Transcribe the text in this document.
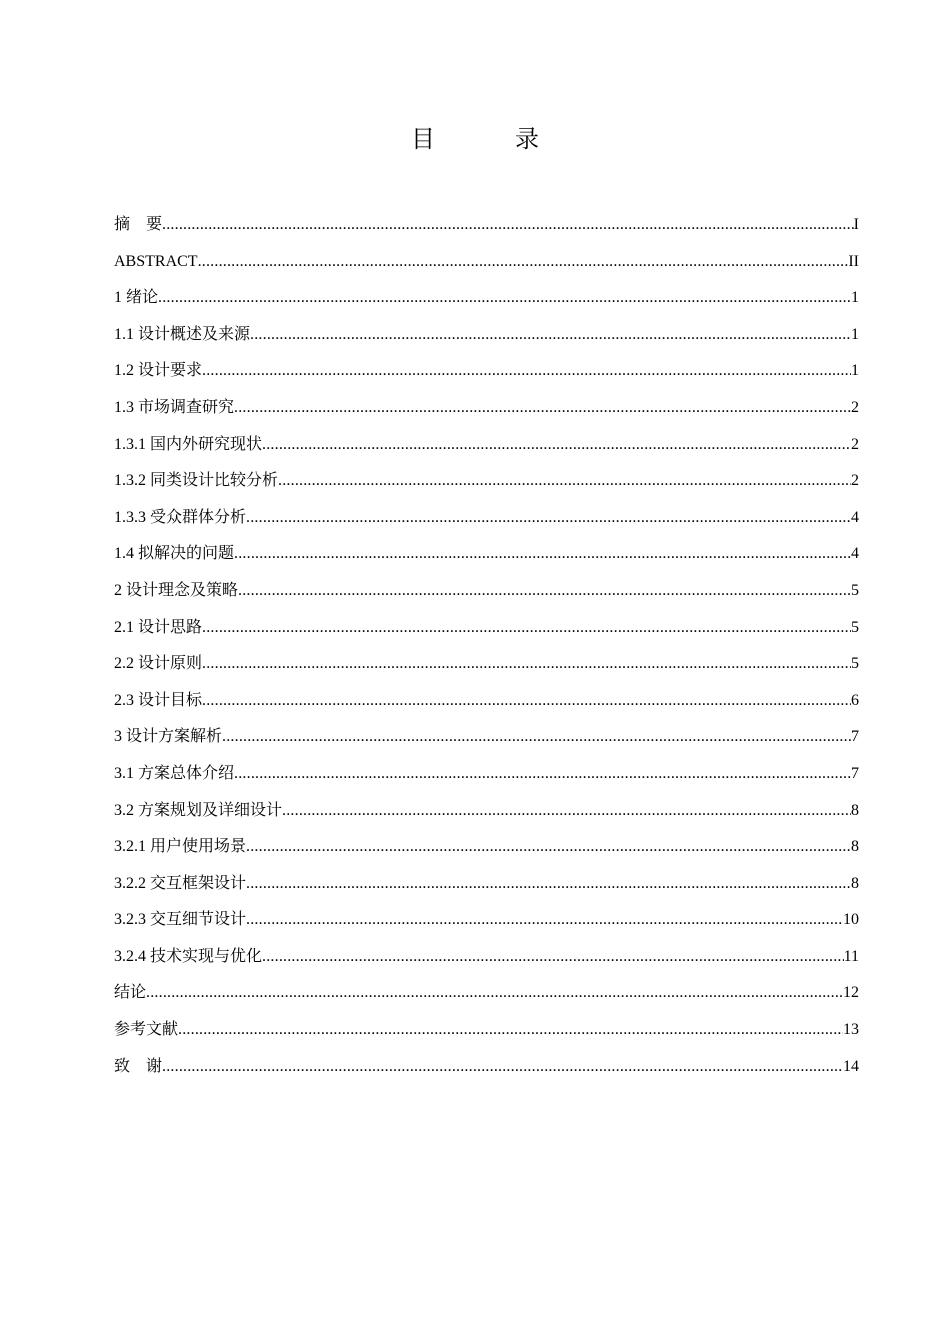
目　录
摘　要 .....	I
ABSTRACT .....	II
1 绪论 .....	1
1.1 设计概述及来源 .....	1
1.2 设计要求 .....	1
1.3 市场调查研究 .....	2
1.3.1 国内外研究现状 .....	2
1.3.2 同类设计比较分析 .....	2
1.3.3 受众群体分析 .....	4
1.4 拟解决的问题 .....	4
2 设计理念及策略 .....	5
2.1 设计思路 .....	5
2.2 设计原则 .....	5
2.3 设计目标 .....	6
3 设计方案解析 .....	7
3.1 方案总体介绍 .....	7
3.2 方案规划及详细设计 .....	8
3.2.1 用户使用场景 .....	8
3.2.2 交互框架设计 .....	8
3.2.3 交互细节设计 .....	10
3.2.4 技术实现与优化 .....	11
结论 .....	12
参考文献 .....	13
致　谢 .....	14
